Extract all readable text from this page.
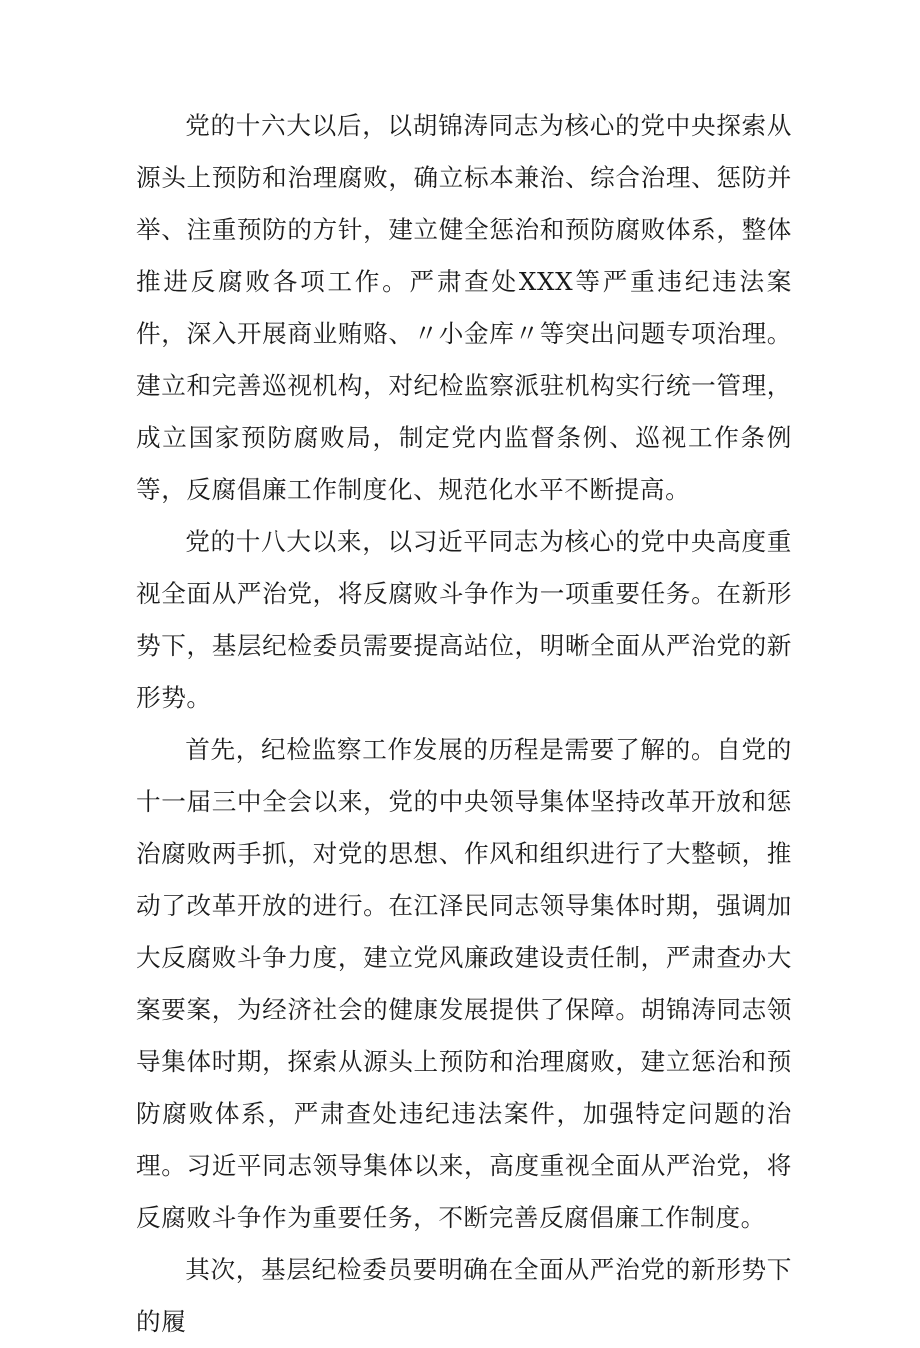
党的十六大以后，以胡锦涛同志为核心的党中央探索从源头上预防和治理腐败，确立标本兼治、综合治理、惩防并举、注重预防的方针，建立健全惩治和预防腐败体系，整体推进反腐败各项工作。严肃查处XXX等严重违纪违法案件，深入开展商业贿赂、〃小金库〃等突出问题专项治理。建立和完善巡视机构，对纪检监察派驻机构实行统一管理，成立国家预防腐败局，制定党内监督条例、巡视工作条例等，反腐倡廉工作制度化、规范化水平不断提高。

党的十八大以来，以习近平同志为核心的党中央高度重视全面从严治党，将反腐败斗争作为一项重要任务。在新形势下，基层纪检委员需要提高站位，明晰全面从严治党的新形势。

首先，纪检监察工作发展的历程是需要了解的。自党的十一届三中全会以来，党的中央领导集体坚持改革开放和惩治腐败两手抓，对党的思想、作风和组织进行了大整顿，推动了改革开放的进行。在江泽民同志领导集体时期，强调加大反腐败斗争力度，建立党风廉政建设责任制，严肃查办大案要案，为经济社会的健康发展提供了保障。胡锦涛同志领导集体时期，探索从源头上预防和治理腐败，建立惩治和预防腐败体系，严肃查处违纪违法案件，加强特定问题的治理。习近平同志领导集体以来，高度重视全面从严治党，将反腐败斗争作为重要任务，不断完善反腐倡廉工作制度。

其次，基层纪检委员要明确在全面从严治党的新形势下的履
